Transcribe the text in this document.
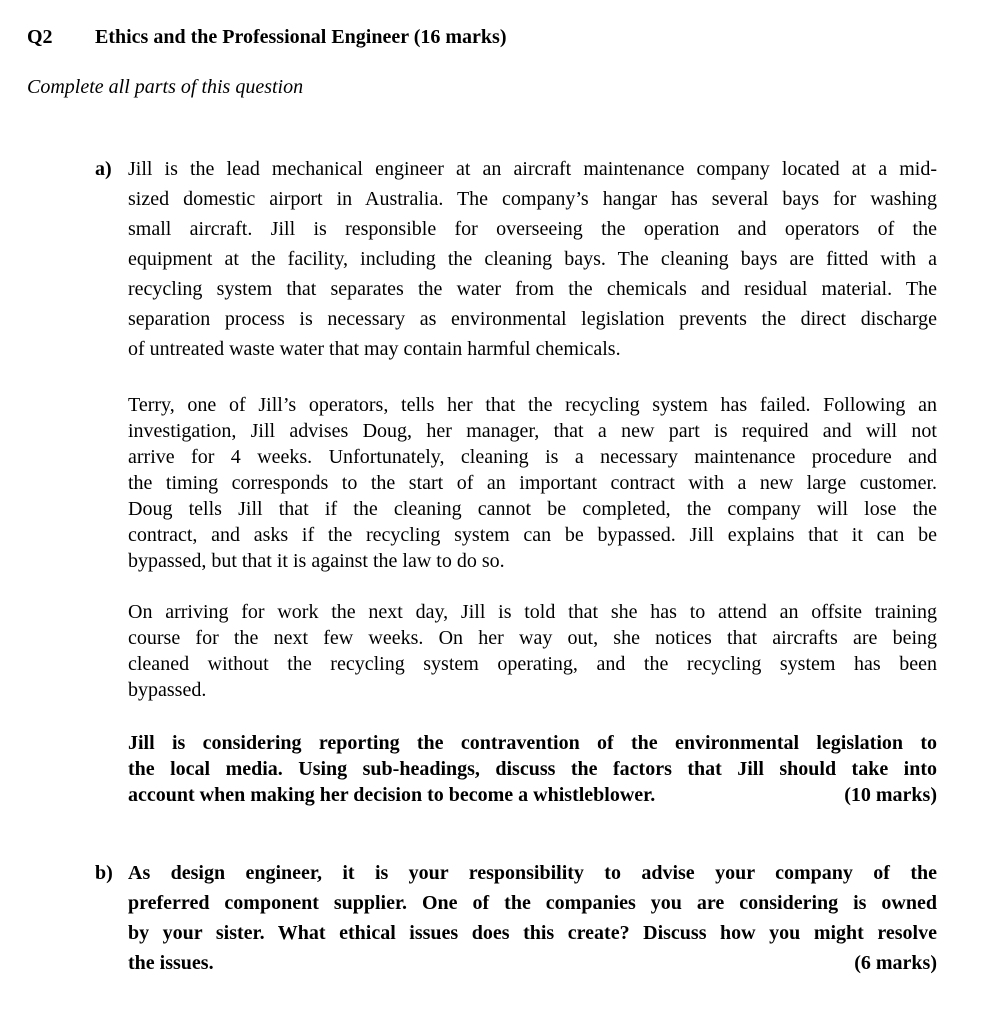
Q2 Ethics and the Professional Engineer (16 marks)
Complete all parts of this question
a) Jill is the lead mechanical engineer at an aircraft maintenance company located at a mid-
sized domestic airport in Australia. The company’s hangar has several bays for washing
small aircraft. Jill is responsible for overseeing the operation and operators of the
equipment at the facility, including the cleaning bays. The cleaning bays are fitted with a
recycling system that separates the water from the chemicals and residual material. The
separation process is necessary as environmental legislation prevents the direct discharge
of untreated waste water that may contain harmful chemicals.
Terry, one of Jill’s operators, tells her that the recycling system has failed. Following an
investigation, Jill advises Doug, her manager, that a new part is required and will not
arrive for 4 weeks. Unfortunately, cleaning is a necessary maintenance procedure and
the timing corresponds to the start of an important contract with a new large customer.
Doug tells Jill that if the cleaning cannot be completed, the company will lose the
contract, and asks if the recycling system can be bypassed. Jill explains that it can be
bypassed, but that it is against the law to do so.
On arriving for work the next day, Jill is told that she has to attend an offsite training
course for the next few weeks. On her way out, she notices that aircrafts are being
cleaned without the recycling system operating, and the recycling system has been
bypassed.
Jill is considering reporting the contravention of the environmental legislation to
the local media. Using sub-headings, discuss the factors that Jill should take into
account when making her decision to become a whistleblower.	(10 marks)
b) As design engineer, it is your responsibility to advise your company of the
preferred component supplier. One of the companies you are considering is owned
by your sister. What ethical issues does this create? Discuss how you might resolve
the issues.	(6 marks)
